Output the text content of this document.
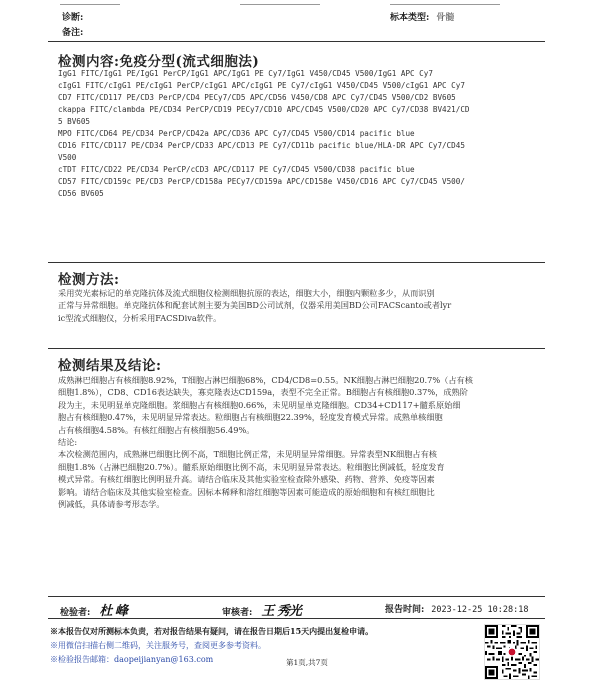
诊断:
备注:
标本类型: 骨髓
检测内容:免疫分型(流式细胞法)
IgG1 FITC/IgG1 PE/IgG1 PerCP/IgG1 APC/IgG1 PE Cy7/IgG1 V450/CD45 V500/IgG1 APC Cy7
cIgG1 FITC/cIgG1 PE/cIgG1 PerCP/cIgG1 APC/cIgG1 PE Cy7/cIgG1 V450/CD45 V500/cIgG1 APC Cy7
CD7 FITC/CD117 PE/CD3 PerCP/CD4 PECy7/CD5 APC/CD56 V450/CD8 APC Cy7/CD45 V500/CD2 BV605
ckappa FITC/clambda PE/CD34 PerCP/CD19 PECy7/CD10 APC/CD45 V500/CD20 APC Cy7/CD38 BV421/CD
5 BV605
MPO FITC/CD64 PE/CD34 PerCP/CD42a APC/CD36 APC Cy7/CD45 V500/CD14 pacific blue
CD16 FITC/CD117 PE/CD34 PerCP/CD33 APC/CD13 PE Cy7/CD11b pacific blue/HLA-DR APC Cy7/CD45
V500
cTDT FITC/CD22 PE/CD34 PerCP/cCD3 APC/CD117 PE Cy7/CD45 V500/CD38 pacific blue
CD57 FITC/CD159c PE/CD3 PerCP/CD158a PECy7/CD159a APC/CD158e V450/CD16 APC Cy7/CD45 V500/
CD56 BV605
检测方法:
采用荧光素标记的单克隆抗体及流式细胞仪检测细胞抗原的表达，细胞大小，细胞内颗粒多少，从而识别
正常与异常细胞。单克隆抗体和配套试剂主要为美国BD公司试剂，仪器采用美国BD公司FACScanto或者lyr
ic型流式细胞仪，分析采用FACSDiva软件。
检测结果及结论:
成熟淋巴细胞占有核细胞8.92%，T细胞占淋巴细胞68%，CD4/CD8=0.55。NK细胞占淋巴细胞20.7%（占有核
细胞1.8%），CD8、CD16表达缺失，寡克隆表达CD159a，表型不完全正常。B细胞占有核细胞0.37%，成熟阶
段为主，未见明显单克隆细胞。浆细胞占有核细胞0.66%，未见明显单克隆细胞。CD34+CD117+髓系原始细
胞占有核细胞0.47%，未见明显异常表达。粒细胞占有核细胞22.39%，轻度发育模式异常。成熟单核细胞
占有核细胞4.58%。有核红细胞占有核细胞56.49%。
结论:
本次检测范围内，成熟淋巴细胞比例不高，T细胞比例正常，未见明显异常细胞。异常表型NK细胞占有核
细胞1.8%（占淋巴细胞20.7%）。髓系原始细胞比例不高，未见明显异常表达。粒细胞比例减低，轻度发育
模式异常。有核红细胞比例明显升高。请结合临床及其他实验室检查除外感染、药物、营养、免疫等因素
影响。请结合临床及其他实验室检查。因标本稀释和溶红细胞等因素可能造成的原始细胞和有核红细胞比
例减低，具体请参考形态学。
检验者: 杜 峰	审核者: 王 秀光	报告时间: 2023-12-25 10:28:18
※本报告仅对所测标本负责，若对报告结果有疑问，请在报告日期后15天内提出复检申请。
※用微信扫描右侧二维码，关注服务号，查阅更多参考资料。
※检验报告邮箱：daopeijianyan@163.com	第1页,共7页
